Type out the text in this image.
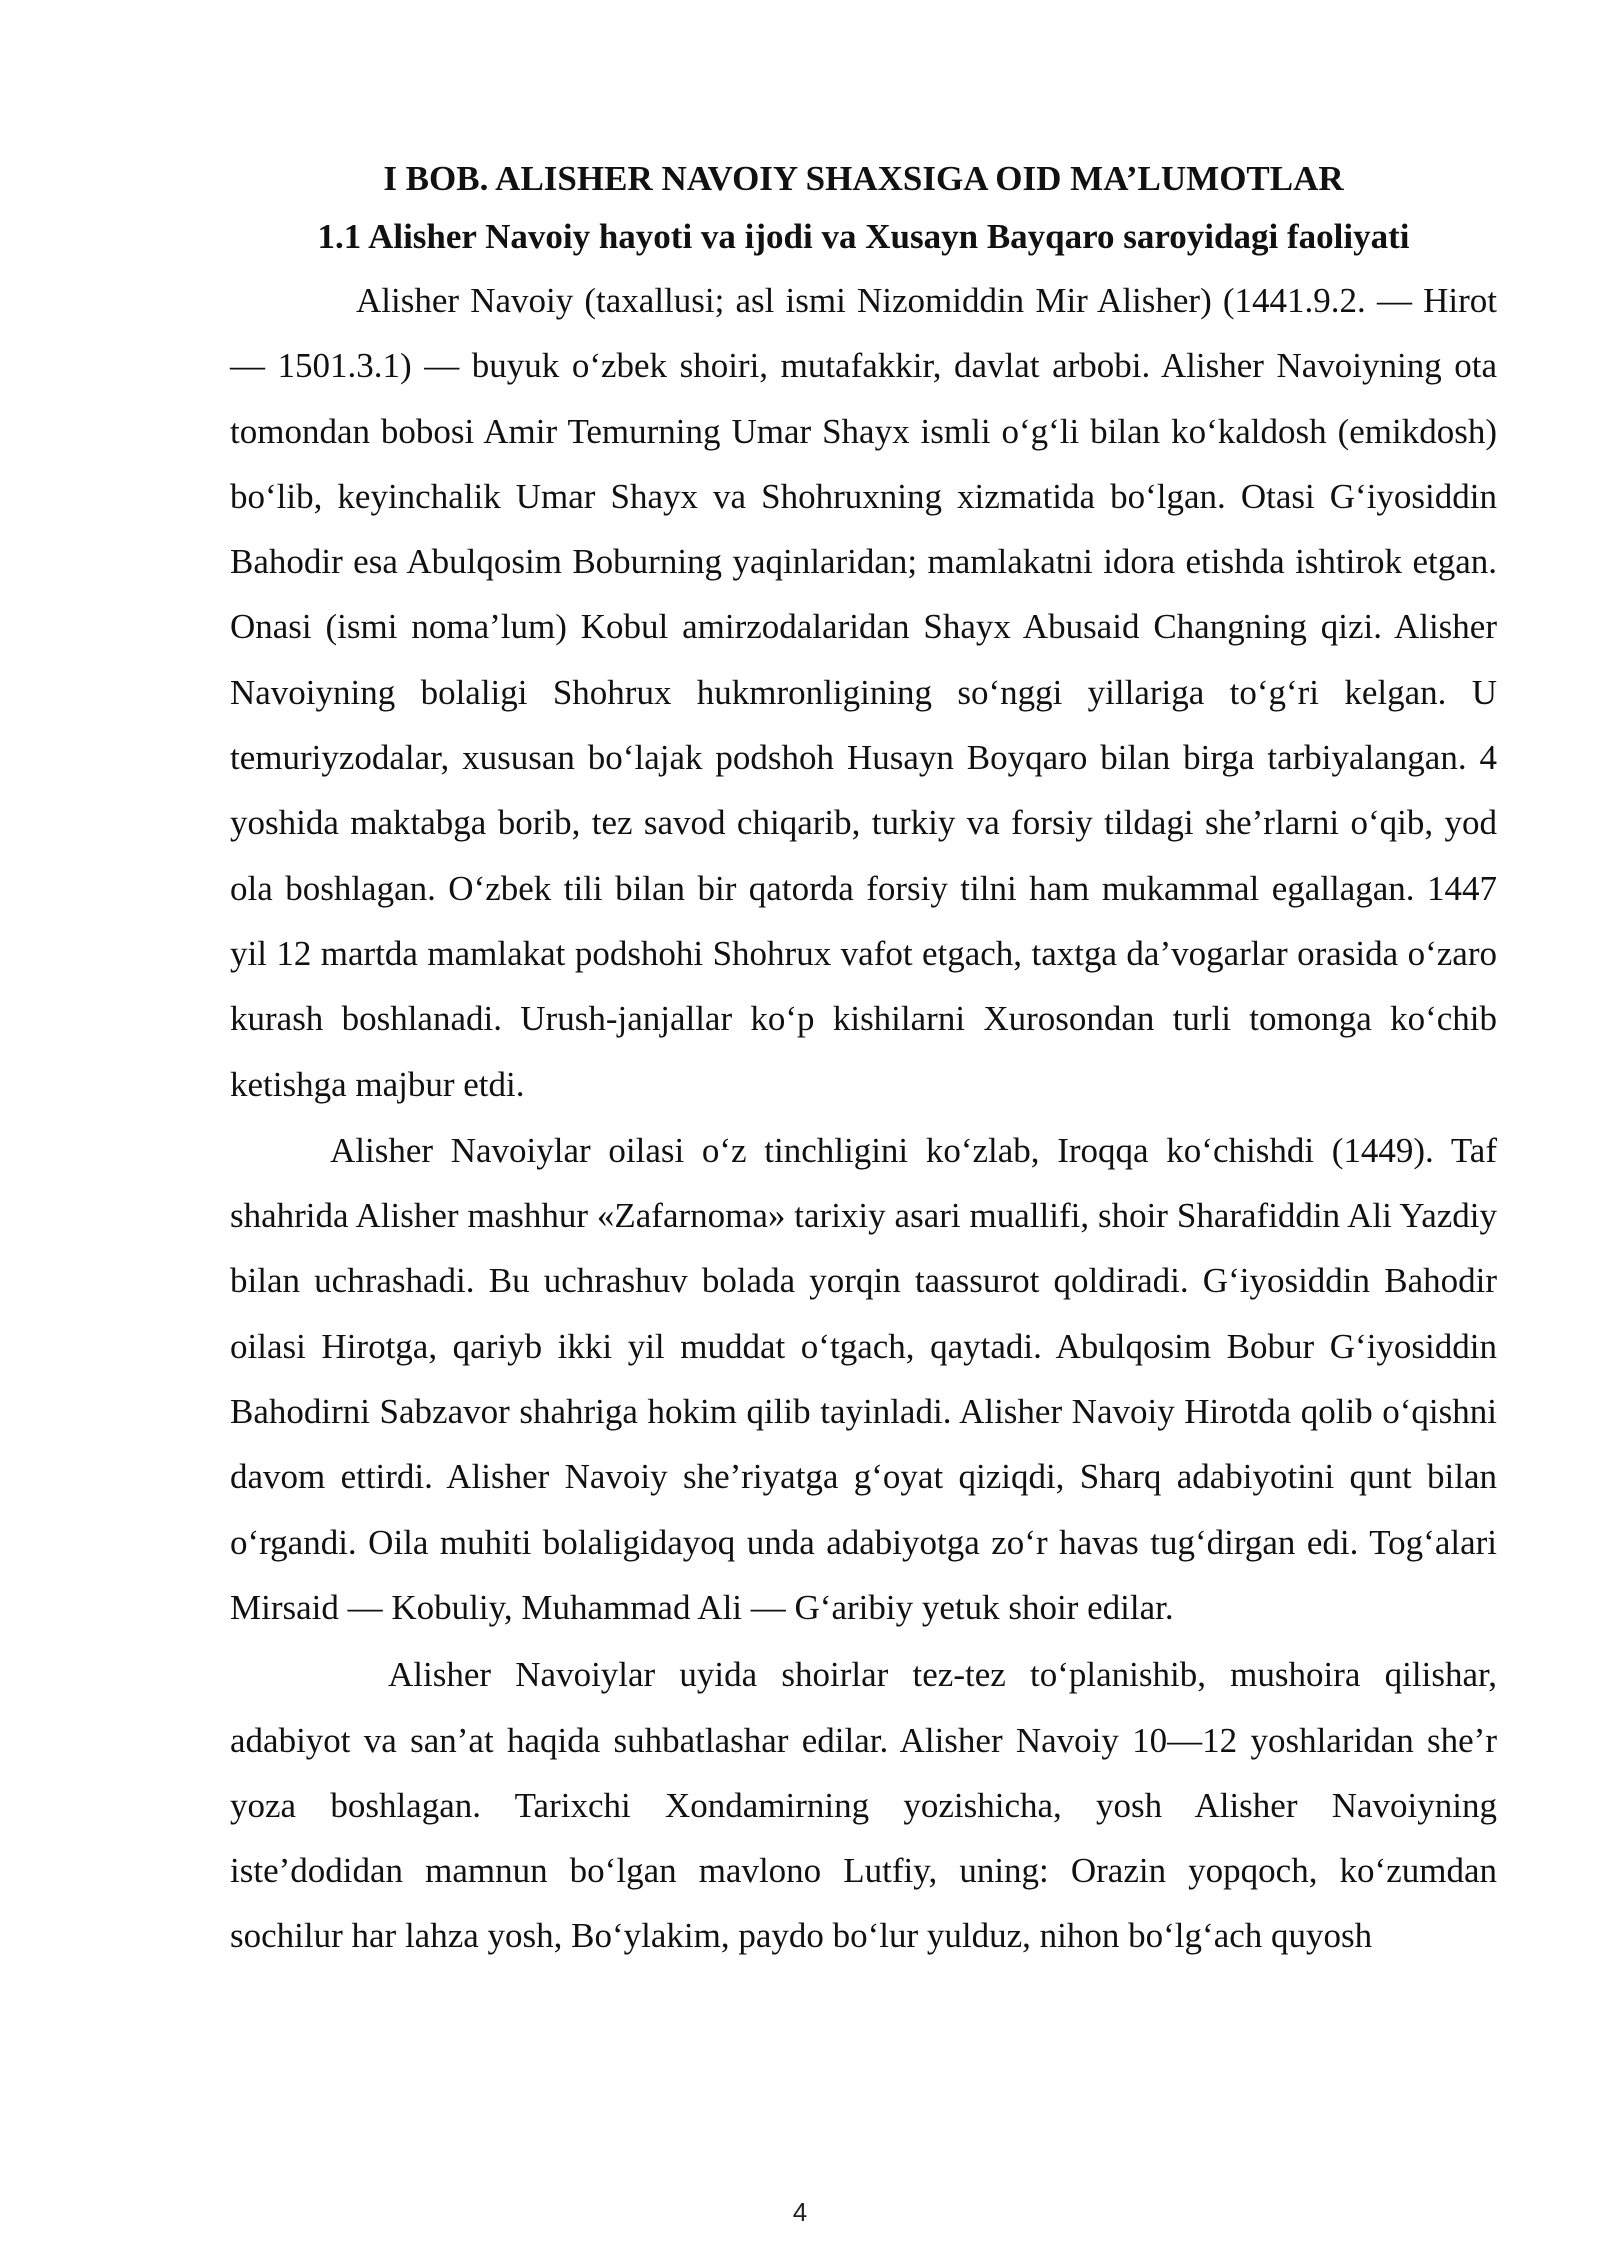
I BOB. ALISHER NAVOIY SHAXSIGA OID MA’LUMOTLAR
1.1 Alisher Navoiy hayoti va ijodi va Xusayn Bayqaro saroyidagi faoliyati

Alisher Navoiy (taxallusi; asl ismi Nizomiddin Mir Alisher) (1441.9.2. — Hirot — 1501.3.1) — buyuk oʻzbek shoiri, mutafakkir, davlat arbobi. Alisher Navoiyning ota tomondan bobosi Amir Temurning Umar Shayx ismli oʻgʻli bilan koʻkaldosh (emikdosh) boʻlib, keyinchalik Umar Shayx va Shohruxning xizmatida boʻlgan. Otasi Gʻiyosiddin Bahodir esa Abulqosim Boburning yaqinlaridan; mamlakatni idora etishda ishtirok etgan. Onasi (ismi noma’lum) Kobul amirzodalaridan Shayx Abusaid Changning qizi. Alisher Navoiyning bolaligi Shohrux hukmronligining soʻnggi yillariga toʻgʻri kelgan. U temuriyzodalar, xususan boʻlajak podshoh Husayn Boyqaro bilan birga tarbiyalangan. 4 yoshida maktabga borib, tez savod chiqarib, turkiy va forsiy tildagi she’rlarni oʻqib, yod ola boshlagan. Oʻzbek tili bilan bir qatorda forsiy tilni ham mukammal egallagan. 1447 yil 12 martda mamlakat podshohi Shohrux vafot etgach, taxtga da’vogarlar orasida oʻzaro kurash boshlanadi. Urush-janjallar koʻp kishilarni Xurosondan turli tomonga koʻchib ketishga majbur etdi.

Alisher Navoiylar oilasi oʻz tinchligini koʻzlab, Iroqqa koʻchishdi (1449). Taf shahrida Alisher mashhur «Zafarnoma» tarixiy asari muallifi, shoir Sharafiddin Ali Yazdiy bilan uchrashadi. Bu uchrashuv bolada yorqin taassurot qoldiradi. Gʻiyosiddin Bahodir oilasi Hirotga, qariyb ikki yil muddat oʻtgach, qaytadi. Abulqosim Bobur Gʻiyosiddin Bahodirni Sabzavor shahriga hokim qilib tayinladi. Alisher Navoiy Hirotda qolib oʻqishni davom ettirdi. Alisher Navoiy she’riyatga gʻoyat qiziqdi, Sharq adabiyotini qunt bilan oʻrgandi. Oila muhiti bolaligidayoq unda adabiyotga zoʻr havas tugʻdirgan edi. Togʻalari Mirsaid — Kobuliy, Muhammad Ali — Gʻaribiy yetuk shoir edilar.

Alisher Navoiylar uyida shoirlar tez-tez toʻplanishib, mushoira qilishar, adabiyot va san’at haqida suhbatlashar edilar. Alisher Navoiy 10—12 yoshlaridan she’r yoza boshlagan. Tarixchi Xondamirning yozishicha, yosh Alisher Navoiyning iste’dodidan mamnun boʻlgan mavlono Lutfiy, uning: Orazin yopqoch, koʻzumdan sochilur har lahza yosh, Boʻylakim, paydo boʻlur yulduz, nihon boʻlgʻach quyosh

4
